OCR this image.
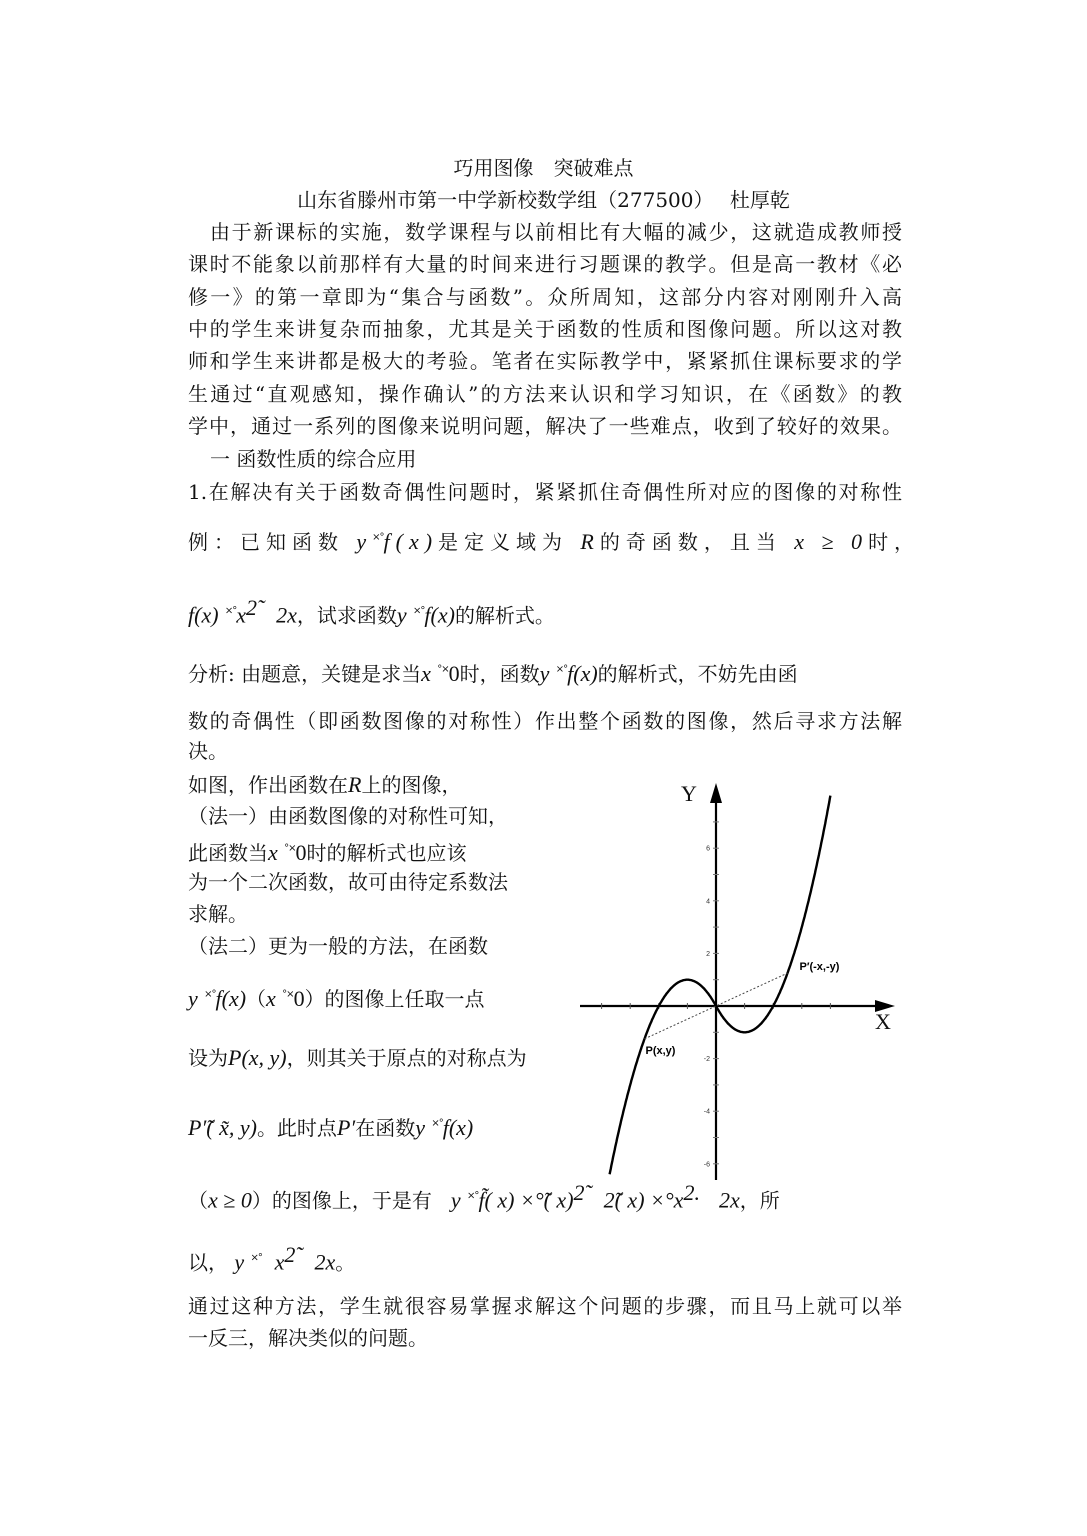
巧用图像　突破难点
山东省滕州市第一中学新校数学组（277500）　 杜厚乾
由于新课标的实施，数学课程与以前相比有大幅的减少，这就造成教师授
课时不能象以前那样有大量的时间来进行习题课的教学。但是高一教材《必
修一》的第一章即为“集合与函数”。众所周知，这部分内容对刚刚升入高
中的学生来讲复杂而抽象，尤其是关于函数的性质和图像问题。所以这对教
师和学生来讲都是极大的考验。笔者在实际教学中，紧紧抓住课标要求的学
生通过“直观感知，操作确认”的方法来认识和学习知识，在《函数》的教
学中，通过一系列的图像来说明问题，解决了一些难点，收到了较好的效果。
一 函数性质的综合应用
1.在解决有关于函数奇偶性问题时，紧紧抓住奇偶性所对应的图像的对称性
例：已知函数 y×°f(x)是定义域为 R的奇函数，且当 x ≥ 0时，
f(x) $^{\times^\circ}x^{2̃}$ 2x，试求函数y ×°f(x)的解析式。
分析: 由题意，关键是求当x °×0时，函数y ×°f(x)的解析式，不妨先由函
数的奇偶性（即函数图像的对称性）作出整个函数的图像，然后寻求方法解
决。
如图，作出函数在R上的图像，
（法一）由函数图像的对称性可知，
此函数当x °×0时的解析式也应该
为一个二次函数，故可由待定系数法
求解。
（法二）更为一般的方法，在函数
y ×°f(x)（x °×0）的图像上任取一点
设为P(x, y)，则其关于原点的对称点为
P′̃( x̃, y)。此时点P′在函数y ×°f(x)
（x ≥ 0）的图像上，于是有 y ×°f̃( x) ×°̃( x)$^{2̃}$ 2̃( $x) \times^\circ x^{2.}$ 2x，所
以， y ×° $x^{2̃}$ 2x。
通过这种方法，学生就很容易掌握求解这个问题的步骤，而且马上就可以举
一反三，解决类似的问题。
6
4
2
-2
-4
-6
X
Y
P(x,y)
P′(-x,-y)
